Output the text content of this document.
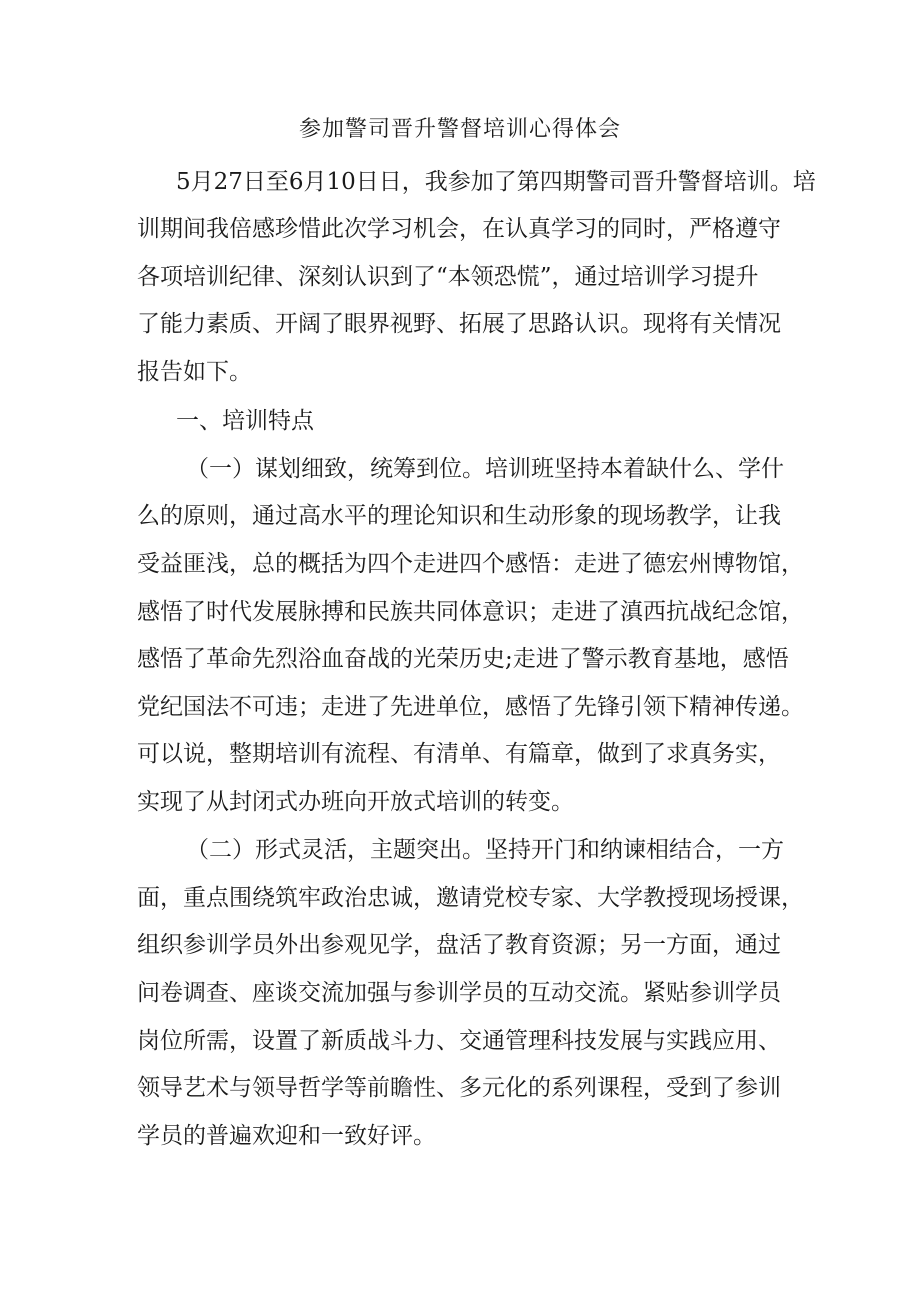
参加警司晋升警督培训心得体会
5月27日至6月10日日，我参加了第四期警司晋升警督培训。培
训期间我倍感珍惜此次学习机会，在认真学习的同时，严格遵守
各项培训纪律、深刻认识到了“本领恐慌”，通过培训学习提升
了能力素质、开阔了眼界视野、拓展了思路认识。现将有关情况
报告如下。
一、培训特点
（一）谋划细致，统筹到位。培训班坚持本着缺什么、学什
么的原则，通过高水平的理论知识和生动形象的现场教学，让我
受益匪浅，总的概括为四个走进四个感悟：走进了德宏州博物馆，
感悟了时代发展脉搏和民族共同体意识；走进了滇西抗战纪念馆，
感悟了革命先烈浴血奋战的光荣历史;走进了警示教育基地，感悟
党纪国法不可违；走进了先进单位，感悟了先锋引领下精神传递。
可以说，整期培训有流程、有清单、有篇章，做到了求真务实，
实现了从封闭式办班向开放式培训的转变。
（二）形式灵活，主题突出。坚持开门和纳谏相结合，一方
面，重点围绕筑牢政治忠诚，邀请党校专家、大学教授现场授课，
组织参训学员外出参观见学，盘活了教育资源；另一方面，通过
问卷调查、座谈交流加强与参训学员的互动交流。紧贴参训学员
岗位所需，设置了新质战斗力、交通管理科技发展与实践应用、
领导艺术与领导哲学等前瞻性、多元化的系列课程，受到了参训
学员的普遍欢迎和一致好评。
